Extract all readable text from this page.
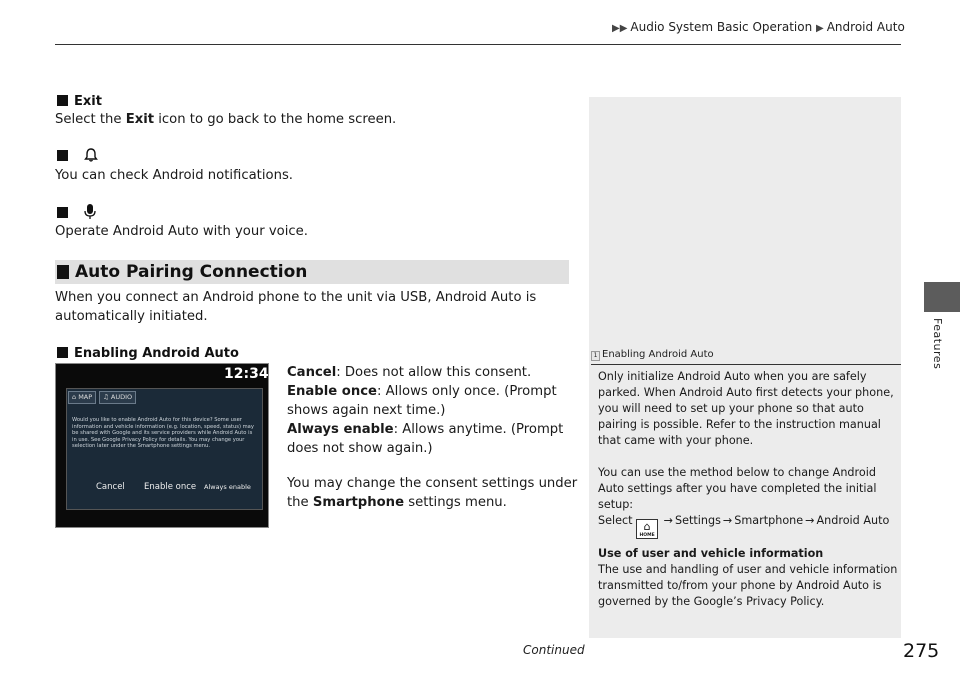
▶▶ Audio System Basic Operation ▶ Android Auto
Features
Exit
Select the Exit icon to go back to the home screen.

You can check Android notifications.

Operate Android Auto with your voice.
Auto Pairing Connection
When you connect an Android phone to the unit via USB, Android Auto is
automatically initiated.
Enabling Android Auto
⌂ MAP	♫ AUDIO
12:34
Would you like to enable Android Auto for this device? Some user information and vehicle information (e.g. location, speed, status) may be shared with Google and its service providers while Android Auto is in use. See Google Privacy Policy for details. You may change your selection later under the Smartphone settings menu.
Cancel Enable once Always enable
Cancel: Does not allow this consent.
Enable once: Allows only once. (Prompt
shows again next time.)
Always enable: Allows anytime. (Prompt
does not show again.)
You may change the consent settings under
the Smartphone settings menu.
1 Enabling Android Auto
Only initialize Android Auto when you are safely
parked. When Android Auto first detects your phone,
you will need to set up your phone so that auto
pairing is possible. Refer to the instruction manual
that came with your phone.
You can use the method below to change Android
Auto settings after you have completed the initial
setup:
Select ⌂
HOME
→ Settings → Smartphone → Android Auto
Use of user and vehicle information
The use and handling of user and vehicle information
transmitted to/from your phone by Android Auto is
governed by the Google’s Privacy Policy.
Continued	275
